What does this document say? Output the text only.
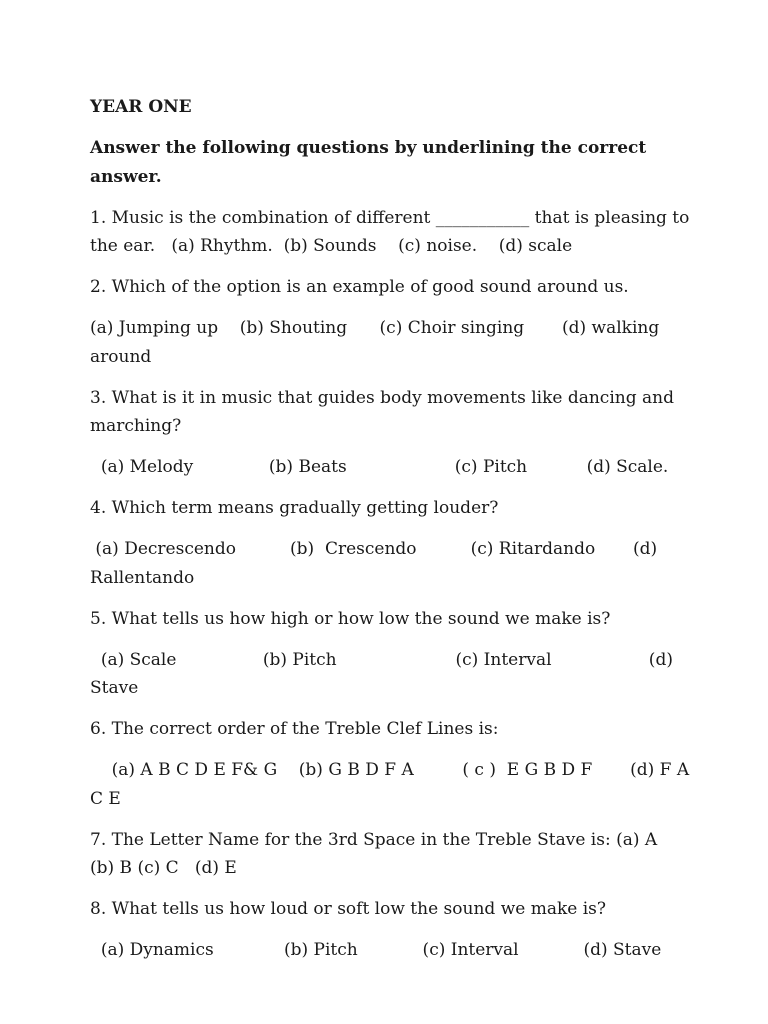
YEAR ONE

Answer the following questions by underlining the correct answer.

1. Music is the combination of different ___________ that is pleasing to the ear.   (a) Rhythm.  (b) Sounds    (c) noise.    (d) scale

2. Which of the option is an example of good sound around us.

(a) Jumping up    (b) Shouting      (c) Choir singing       (d) walking around

3. What is it in music that guides body movements like dancing and marching?

(a) Melody              (b) Beats                    (c) Pitch           (d) Scale.

4. Which term means gradually getting louder?

(a) Decrescendo          (b)  Crescendo          (c) Ritardando       (d) Rallentando

5. What tells us how high or how low the sound we make is?

(a) Scale                (b) Pitch                      (c) Interval                  (d) Stave

6. The correct order of the Treble Clef Lines is:

(a) A B C D E F& G    (b) G B D F A         ( c )  E G B D F       (d) F A C E

7. The Letter Name for the 3rd Space in the Treble Stave is: (a) A  (b) B (c) C   (d) E

8. What tells us how loud or soft low the sound we make is?

(a) Dynamics             (b) Pitch            (c) Interval            (d) Stave
